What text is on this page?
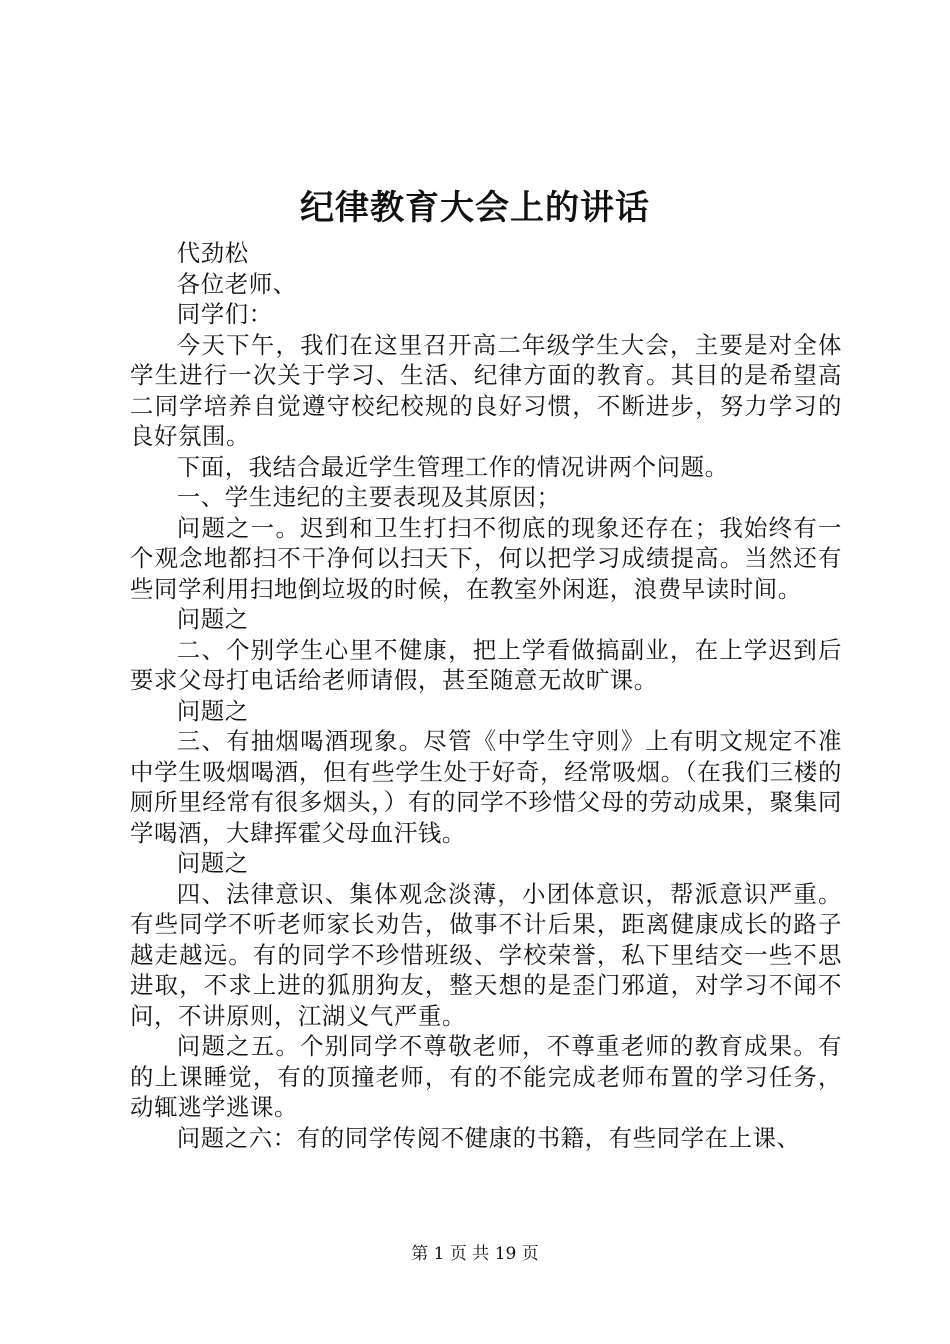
纪律教育大会上的讲话

代劲松

各位老师、

同学们：

今天下午，我们在这里召开高二年级学生大会，主要是对全体学生进行一次关于学习、生活、纪律方面的教育。其目的是希望高二同学培养自觉遵守校纪校规的良好习惯，不断进步，努力学习的良好氛围。

下面，我结合最近学生管理工作的情况讲两个问题。

一、学生违纪的主要表现及其原因；

问题之一。迟到和卫生打扫不彻底的现象还存在；我始终有一个观念地都扫不干净何以扫天下，何以把学习成绩提高。当然还有些同学利用扫地倒垃圾的时候，在教室外闲逛，浪费早读时间。

问题之

二、个别学生心里不健康，把上学看做搞副业，在上学迟到后要求父母打电话给老师请假，甚至随意无故旷课。

问题之

三、有抽烟喝酒现象。尽管《中学生守则》上有明文规定不准中学生吸烟喝酒，但有些学生处于好奇，经常吸烟。（在我们三楼的厕所里经常有很多烟头，）有的同学不珍惜父母的劳动成果，聚集同学喝酒，大肆挥霍父母血汗钱。

问题之

四、法律意识、集体观念淡薄，小团体意识，帮派意识严重。有些同学不听老师家长劝告，做事不计后果，距离健康成长的路子越走越远。有的同学不珍惜班级、学校荣誉，私下里结交一些不思进取，不求上进的狐朋狗友，整天想的是歪门邪道，对学习不闻不问，不讲原则，江湖义气严重。

问题之五。个别同学不尊敬老师，不尊重老师的教育成果。有的上课睡觉，有的顶撞老师，有的不能完成老师布置的学习任务，动辄逃学逃课。

问题之六：有的同学传阅不健康的书籍，有些同学在上课、

第 1 页 共 19 页
